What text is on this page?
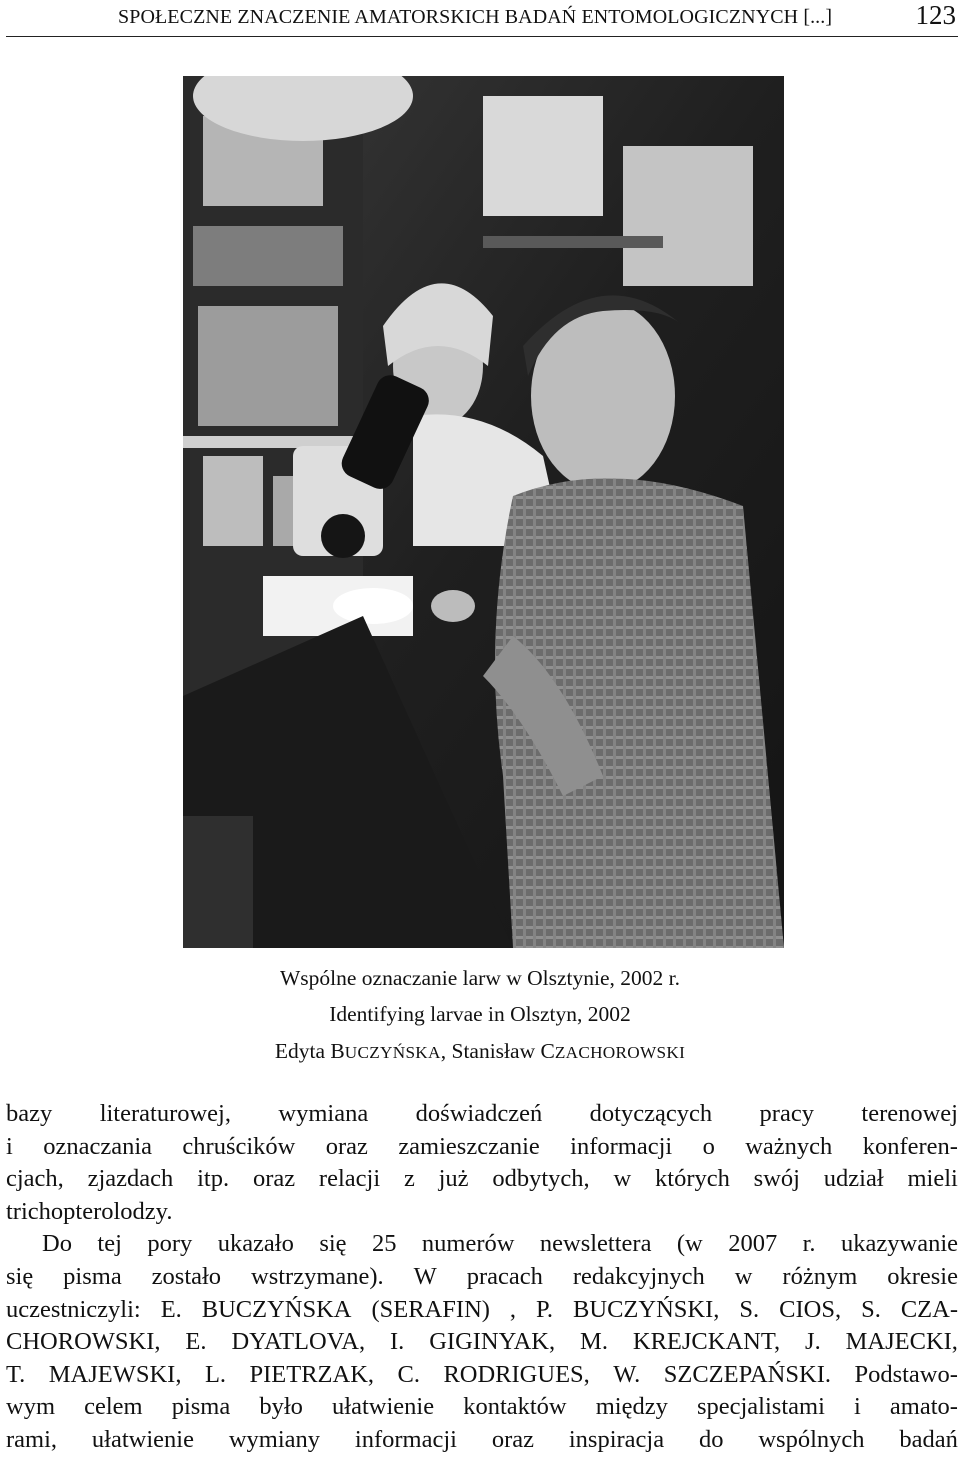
SPOŁECZNE ZNACZENIE AMATORSKICH BADAŃ ENTOMOLOGICZNYCH [...]	123
Wspólne oznaczanie larw w Olsztynie, 2002 r.
Identifying larvae in Olsztyn, 2002
Edyta BUCZYŃSKA, Stanisław CZACHOROWSKI
bazy literaturowej, wymiana doświadczeń dotyczących pracy terenowej
i oznaczania chruścików oraz zamieszczanie informacji o ważnych konferen-
cjach, zjazdach itp. oraz relacji z już odbytych, w których swój udział mieli
trichopterolodzy.
Do tej pory ukazało się 25 numerów newslettera (w 2007 r. ukazywanie
się pisma zostało wstrzymane). W pracach redakcyjnych w różnym okresie
uczestniczyli: E. BUCZYŃSKA (SERAFIN) , P. BUCZYŃSKI, S. CIOS, S. CZA-
CHOROWSKI, E. DYATLOVA, I. GIGINYAK, M. KREJCKANT, J. MAJECKI,
T. MAJEWSKI, L. PIETRZAK, C. RODRIGUES, W. SZCZEPAŃSKI. Podstawo-
wym celem pisma było ułatwienie kontaktów między specjalistami i amato-
rami, ułatwienie wymiany informacji oraz inspiracja do wspólnych badań
